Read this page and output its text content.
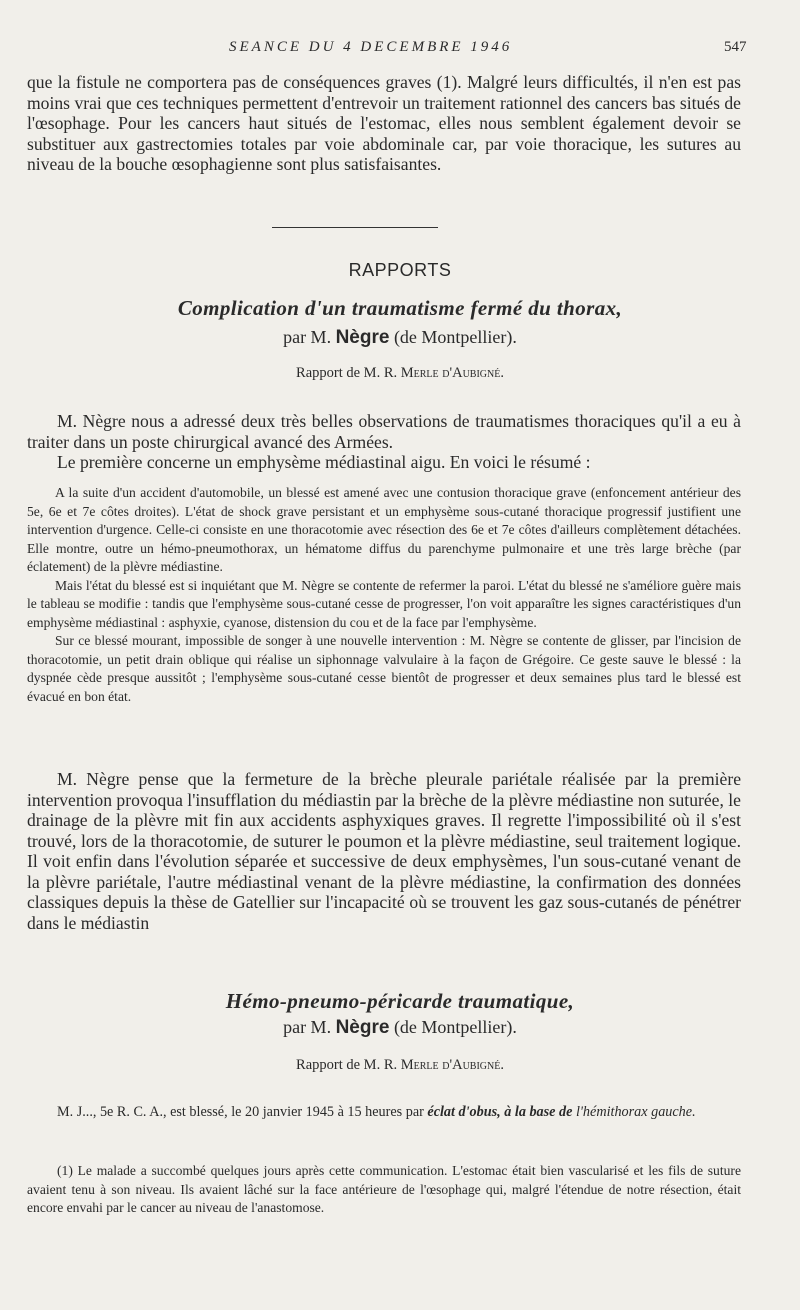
SEANCE DU 4 DECEMBRE 1946	547
que la fistule ne comportera pas de conséquences graves (1). Malgré leurs difficultés, il n'en est pas moins vrai que ces techniques permettent d'entrevoir un traitement rationnel des cancers bas situés de l'œsophage. Pour les cancers haut situés de l'estomac, elles nous semblent également devoir se substituer aux gastrectomies totales par voie abdominale car, par voie thoracique, les sutures au niveau de la bouche œsophagienne sont plus satisfaisantes.
RAPPORTS
Complication d'un traumatisme fermé du thorax,
par M. Nègre (de Montpellier).
Rapport de M. R. Merle d'Aubigné.
M. Nègre nous a adressé deux très belles observations de traumatismes thoraciques qu'il a eu à traiter dans un poste chirurgical avancé des Armées.
Le première concerne un emphysème médiastinal aigu. En voici le résumé :

A la suite d'un accident d'automobile, un blessé est amené avec une contusion thoracique grave (enfoncement antérieur des 5e, 6e et 7e côtes droites). L'état de shock grave persistant et un emphysème sous-cutané thoracique progressif justifient une intervention d'urgence. Celle-ci consiste en une thoracotomie avec résection des 6e et 7e côtes d'ailleurs complètement détachées. Elle montre, outre un hémo-pneumothorax, un hématome diffus du parenchyme pulmonaire et une très large brèche (par éclatement) de la plèvre médiastine.

Mais l'état du blessé est si inquiétant que M. Nègre se contente de refermer la paroi. L'état du blessé ne s'améliore guère mais le tableau se modifie : tandis que l'emphysème sous-cutané cesse de progresser, l'on voit apparaître les signes caractéristiques d'un emphysème médiastinal : asphyxie, cyanose, distension du cou et de la face par l'emphysème.

Sur ce blessé mourant, impossible de songer à une nouvelle intervention : M. Nègre se contente de glisser, par l'incision de thoracotomie, un petit drain oblique qui réalise un siphonnage valvulaire à la façon de Grégoire. Ce geste sauve le blessé : la dyspnée cède presque aussitôt ; l'emphysème sous-cutané cesse bientôt de progresser et deux semaines plus tard le blessé est évacué en bon état.

M. Nègre pense que la fermeture de la brèche pleurale pariétale réalisée par la première intervention provoqua l'insufflation du médiastin par la brèche de la plèvre médiastine non suturée, le drainage de la plèvre mit fin aux accidents asphyxiques graves. Il regrette l'impossibilité où il s'est trouvé, lors de la thoracotomie, de suturer le poumon et la plèvre médiastine, seul traitement logique. Il voit enfin dans l'évolution séparée et successive de deux emphysèmes, l'un sous-cutané venant de la plèvre pariétale, l'autre médiastinal venant de la plèvre médiastine, la confirmation des données classiques depuis la thèse de Gatellier sur l'incapacité où se trouvent les gaz sous-cutanés de pénétrer dans le médiastin
Hémo-pneumo-péricarde traumatique,
par M. Nègre (de Montpellier).
Rapport de M. R. Merle d'Aubigné.
M. J..., 5e R. C. A., est blessé, le 20 janvier 1945 à 15 heures par éclat d'obus, à la base de l'hémithorax gauche.
(1) Le malade a succombé quelques jours après cette communication. L'estomac était bien vascularisé et les fils de suture avaient tenu à son niveau. Ils avaient lâché sur la face antérieure de l'œsophage qui, malgré l'étendue de notre résection, était encore envahi par le cancer au niveau de l'anastomose.
